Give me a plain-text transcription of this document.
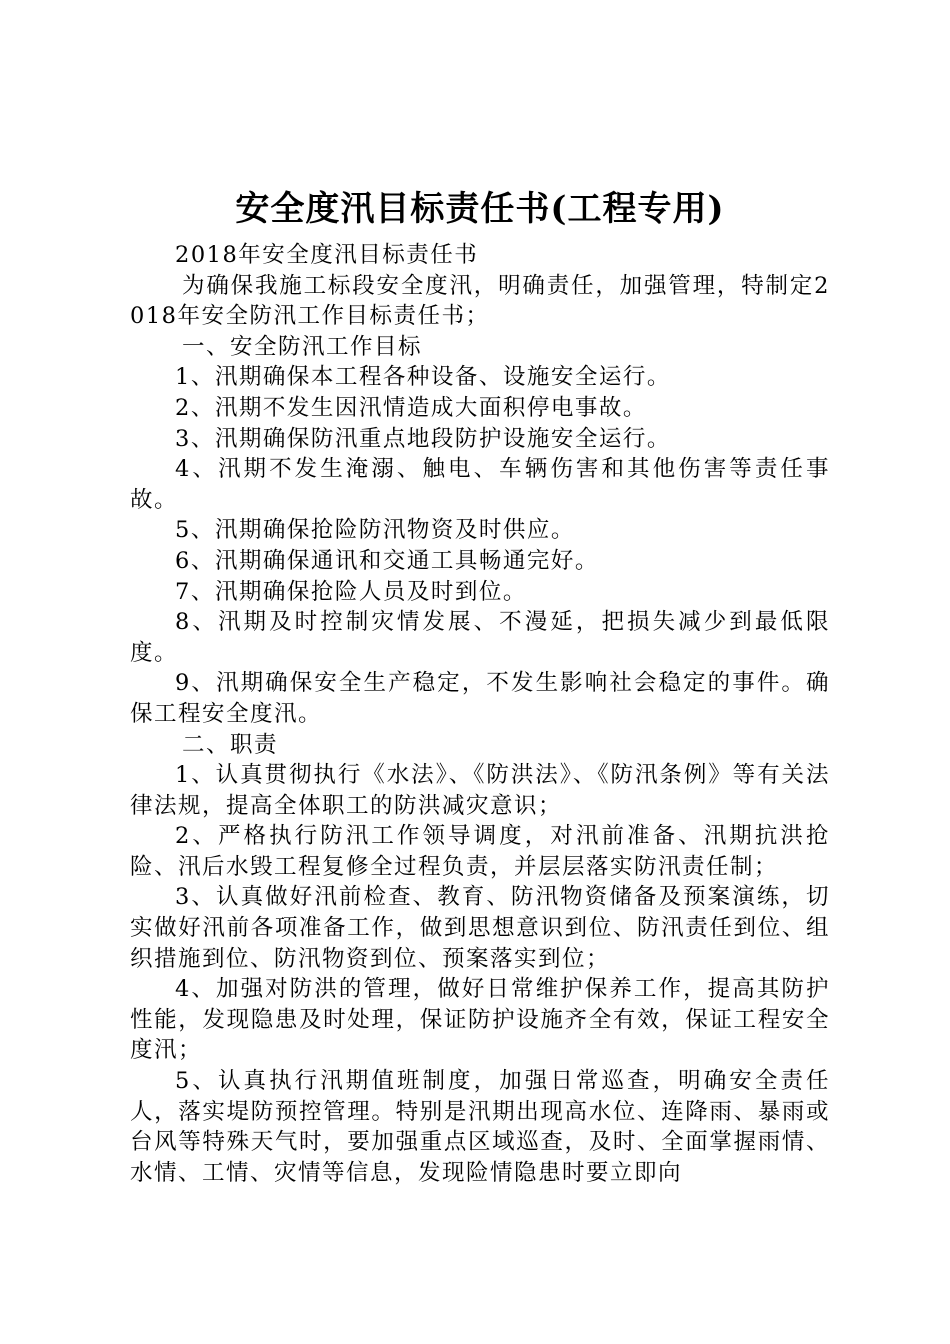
安全度汛目标责任书(工程专用)

2018年安全度汛目标责任书

为确保我施工标段安全度汛，明确责任，加强管理，特制定2018年安全防汛工作目标责任书；

一、安全防汛工作目标

1、汛期确保本工程各种设备、设施安全运行。

2、汛期不发生因汛情造成大面积停电事故。

3、汛期确保防汛重点地段防护设施安全运行。

4、汛期不发生淹溺、触电、车辆伤害和其他伤害等责任事故。

5、汛期确保抢险防汛物资及时供应。

6、汛期确保通讯和交通工具畅通完好。

7、汛期确保抢险人员及时到位。

8、汛期及时控制灾情发展、不漫延，把损失减少到最低限度。

9、汛期确保安全生产稳定，不发生影响社会稳定的事件。确保工程安全度汛。

二、职责

1、认真贯彻执行《水法》、《防洪法》、《防汛条例》等有关法律法规，提高全体职工的防洪减灾意识；

2、严格执行防汛工作领导调度，对汛前准备、汛期抗洪抢险、汛后水毁工程复修全过程负责，并层层落实防汛责任制；

3、认真做好汛前检查、教育、防汛物资储备及预案演练，切实做好汛前各项准备工作，做到思想意识到位、防汛责任到位、组织措施到位、防汛物资到位、预案落实到位；

4、加强对防洪的管理，做好日常维护保养工作，提高其防护性能，发现隐患及时处理，保证防护设施齐全有效，保证工程安全度汛；

5、认真执行汛期值班制度，加强日常巡查，明确安全责任人，落实堤防预控管理。特别是汛期出现高水位、连降雨、暴雨或台风等特殊天气时，要加强重点区域巡查，及时、全面掌握雨情、水情、工情、灾情等信息，发现险情隐患时要立即向
